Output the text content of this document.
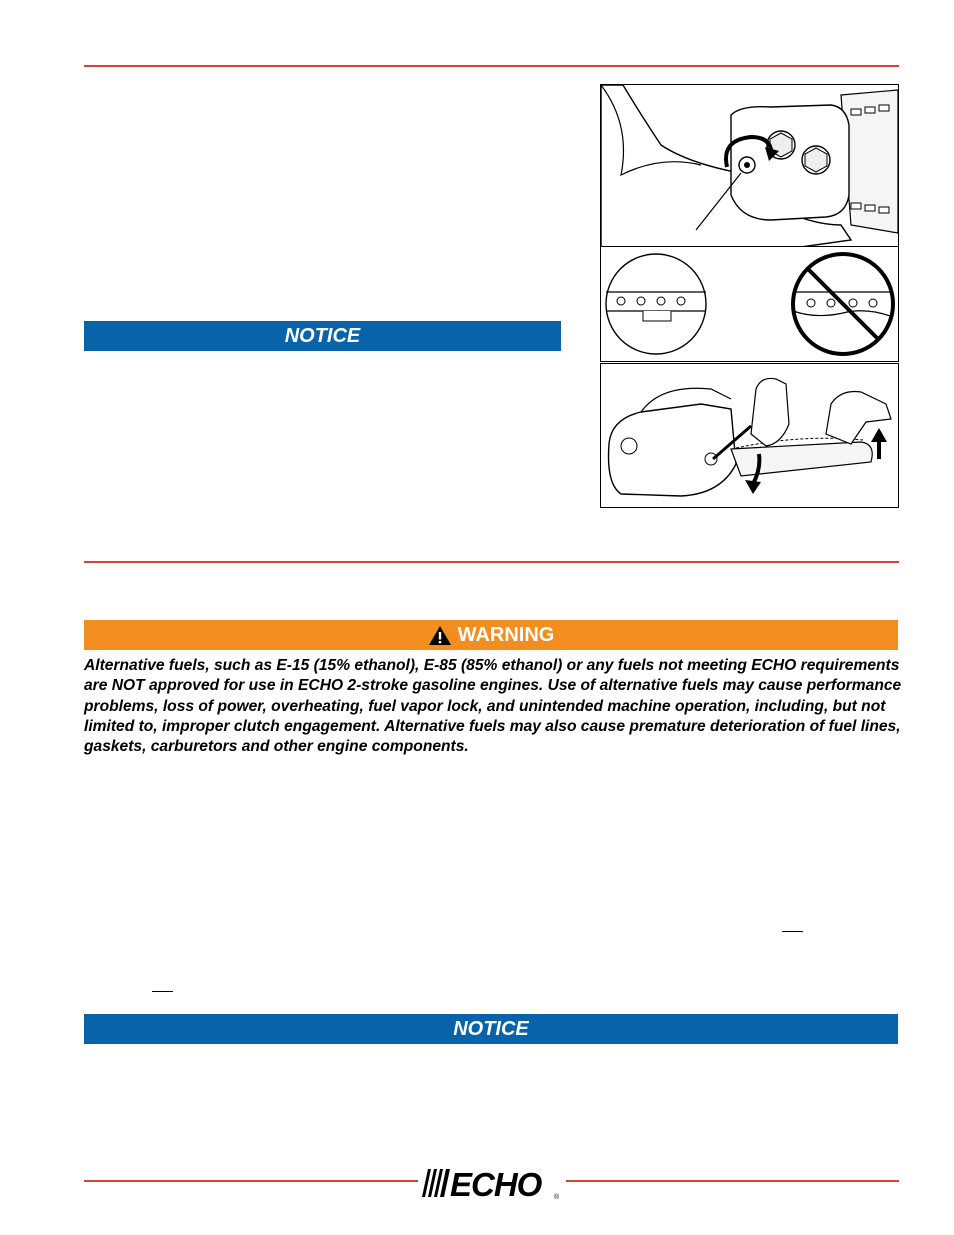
NOTICE
WARNING
Alternative fuels, such as E-15 (15% ethanol), E-85 (85% ethanol) or any fuels not meeting ECHO requirements are NOT approved for use in ECHO 2-stroke gasoline engines. Use of alternative fuels may cause performance problems, loss of power, overheating, fuel vapor lock, and unintended machine operation, including, but not limited to, improper clutch engagement. Alternative fuels may also cause premature deterioration of fuel lines, gaskets, carburetors and other engine components.
NOTICE
ECHO ®
